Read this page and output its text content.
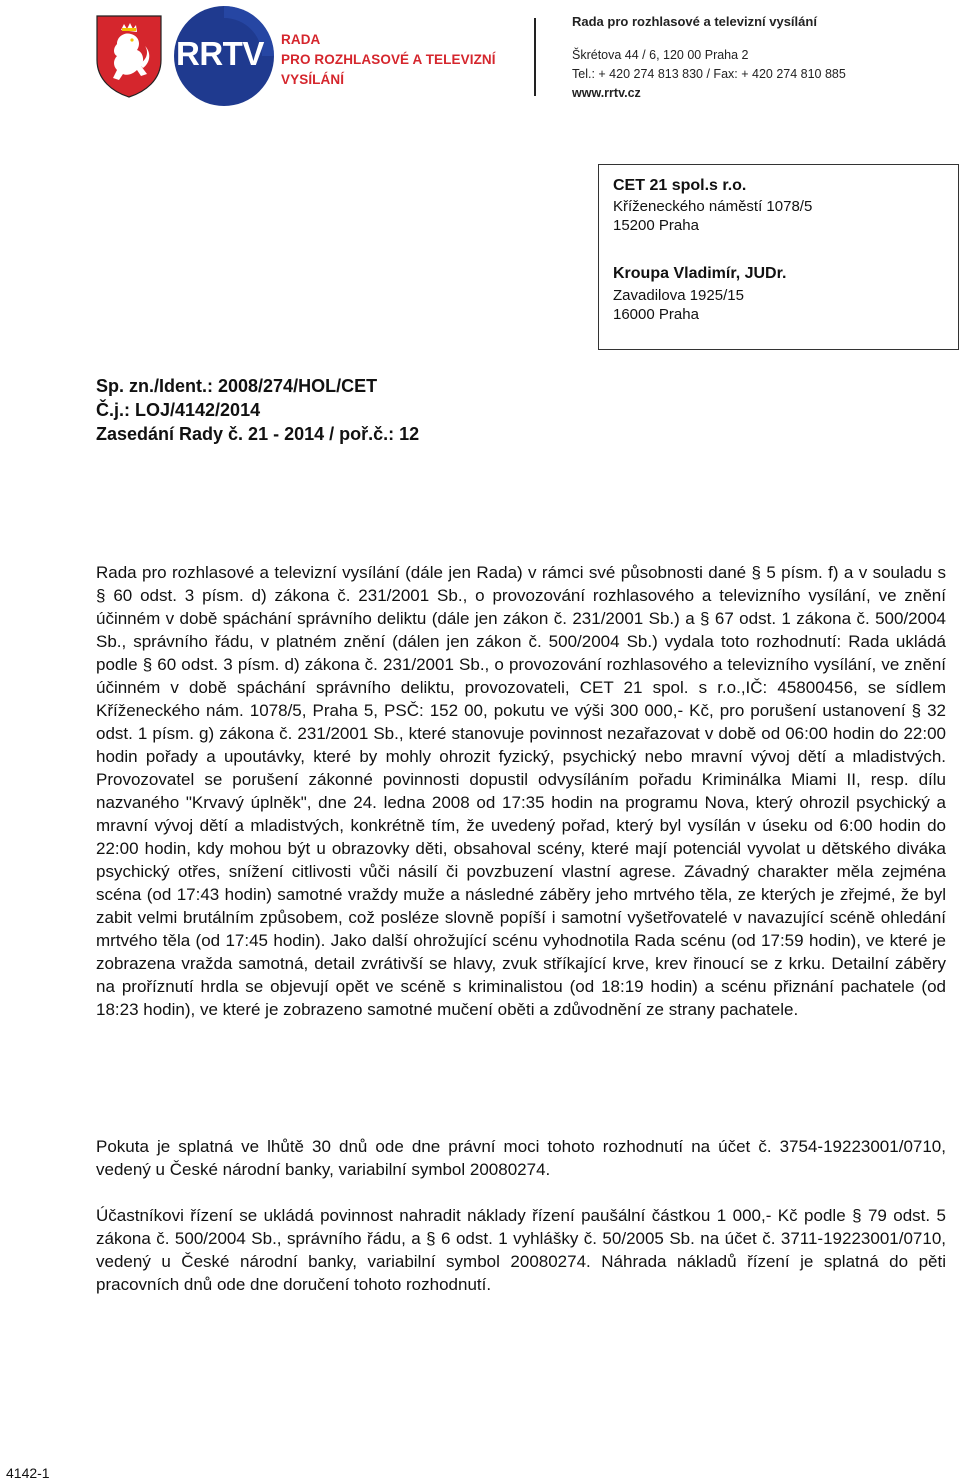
RRTV RADA
PRO ROZHLASOVÉ A TELEVIZNÍ
VYSÍLÁNÍ
Rada pro rozhlasové a televizní vysílání
Škrétova 44 / 6, 120 00 Praha 2
Tel.: + 420 274 813 830 / Fax: + 420 274 810 885
www.rrtv.cz
CET 21 spol.s r.o.
Kříženeckého náměstí 1078/5
15200 Praha
Kroupa Vladimír, JUDr.
Zavadilova 1925/15
16000 Praha
Sp. zn./Ident.: 2008/274/HOL/CET
Č.j.: LOJ/4142/2014
Zasedání Rady č. 21 - 2014 / poř.č.: 12

Rada pro rozhlasové a televizní vysílání (dále jen Rada) v rámci své působnosti dané § 5 písm. f) a v souladu s § 60 odst. 3 písm. d) zákona č. 231/2001 Sb., o provozování rozhlasového a televizního vysílání, ve znění účinném v době spáchání správního deliktu (dále jen zákon č. 231/2001 Sb.) a § 67 odst. 1 zákona č. 500/2004 Sb., správního řádu, v platném znění (dálen jen zákon č. 500/2004 Sb.) vydala toto rozhodnutí: Rada ukládá podle § 60 odst. 3 písm. d) zákona č. 231/2001 Sb., o provozování rozhlasového a televizního vysílání, ve znění účinném v době spáchání správního deliktu, provozovateli, CET 21 spol. s r.o.,IČ: 45800456, se sídlem Kříženeckého nám. 1078/5, Praha 5, PSČ: 152 00, pokutu ve výši 300 000,- Kč, pro porušení ustanovení § 32 odst. 1 písm. g) zákona č. 231/2001 Sb., které stanovuje povinnost nezařazovat v době od 06:00 hodin do 22:00 hodin pořady a upoutávky, které by mohly ohrozit fyzický, psychický nebo mravní vývoj dětí a mladistvých. Provozovatel se porušení zákonné povinnosti dopustil odvysíláním pořadu Kriminálka Miami II, resp. dílu nazvaného "Krvavý úplněk", dne 24. ledna 2008 od 17:35 hodin na programu Nova, který ohrozil psychický a mravní vývoj dětí a mladistvých, konkrétně tím, že uvedený pořad, který byl vysílán v úseku od 6:00 hodin do 22:00 hodin, kdy mohou být u obrazovky děti, obsahoval scény, které mají potenciál vyvolat u dětského diváka psychický otřes, snížení citlivosti vůči násilí či povzbuzení vlastní agrese. Závadný charakter měla zejména scéna (od 17:43 hodin) samotné vraždy muže a následné záběry jeho mrtvého těla, ze kterých je zřejmé, že byl zabit velmi brutálním způsobem, což posléze slovně popíší i samotní vyšetřovatelé v navazující scéně ohledání mrtvého těla (od 17:45 hodin). Jako další ohrožující scénu vyhodnotila Rada scénu (od 17:59 hodin), ve které je zobrazena vražda samotná, detail zvrátivší se hlavy, zvuk stříkající krve, krev řinoucí se z krku. Detailní záběry na proříznutí hrdla se objevují opět ve scéně s kriminalistou (od 18:19 hodin) a scénu přiznání pachatele (od 18:23 hodin), ve které je zobrazeno samotné mučení oběti a zdůvodnění ze strany pachatele.

Pokuta je splatná ve lhůtě 30 dnů ode dne právní moci tohoto rozhodnutí na účet č. 3754-19223001/0710, vedený u České národní banky, variabilní symbol 20080274.

Účastníkovi řízení se ukládá povinnost nahradit náklady řízení paušální částkou 1 000,- Kč podle § 79 odst. 5 zákona č. 500/2004 Sb., správního řádu, a § 6 odst. 1 vyhlášky č. 50/2005 Sb. na účet č. 3711-19223001/0710, vedený u České národní banky, variabilní symbol 20080274. Náhrada nákladů řízení je splatná do pěti pracovních dnů ode dne doručení tohoto rozhodnutí.

4142-1
